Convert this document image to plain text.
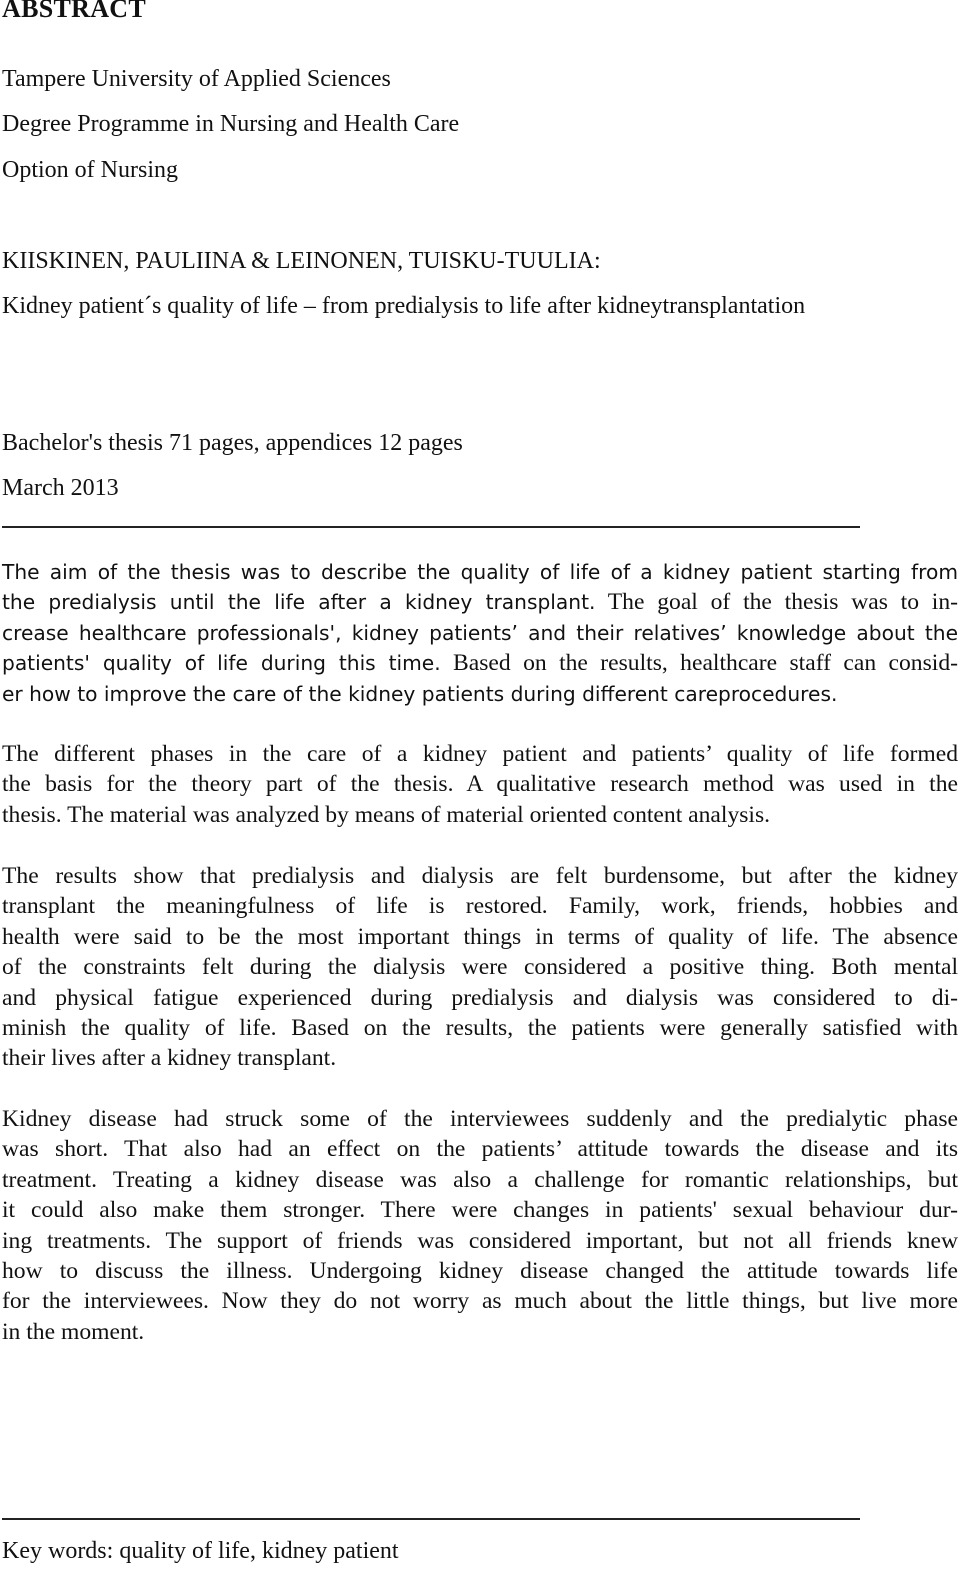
ABSTRACT

Tampere University of Applied Sciences

Degree Programme in Nursing and Health Care

Option of Nursing

KIISKINEN, PAULIINA & LEINONEN, TUISKU-TUULIA:

Kidney patient´s quality of life – from predialysis to life after kidneytransplantation

Bachelor's thesis 71 pages, appendices 12 pages

March 2013

The aim of the thesis was to describe the quality of life of a kidney patient starting from
the predialysis until the life after a kidney transplant. The goal of the thesis was to in-
crease healthcare professionals', kidney patients’ and their relatives’ knowledge about the
patients' quality of life during this time. Based on the results, healthcare staff can consid-
er how to improve the care of the kidney patients during different careprocedures.
The different phases in the care of a kidney patient and patients’ quality of life formed
the basis for the theory part of the thesis. A qualitative research method was used in the
thesis. The material was analyzed by means of material oriented content analysis.
The results show that predialysis and dialysis are felt burdensome, but after the kidney
transplant the meaningfulness of life is restored. Family, work, friends, hobbies and
health were said to be the most important things in terms of quality of life. The absence
of the constraints felt during the dialysis were considered a positive thing. Both mental
and physical fatigue experienced during predialysis and dialysis was considered to di-
minish the quality of life. Based on the results, the patients were generally satisfied with
their lives after a kidney transplant.
Kidney disease had struck some of the interviewees suddenly and the predialytic phase
was short. That also had an effect on the patients’ attitude towards the disease and its
treatment. Treating a kidney disease was also a challenge for romantic relationships, but
it could also make them stronger. There were changes in patients' sexual behaviour dur-
ing treatments. The support of friends was considered important, but not all friends knew
how to discuss the illness. Undergoing kidney disease changed the attitude towards life
for the interviewees. Now they do not worry as much about the little things, but live more
in the moment.

Key words: quality of life, kidney patient
